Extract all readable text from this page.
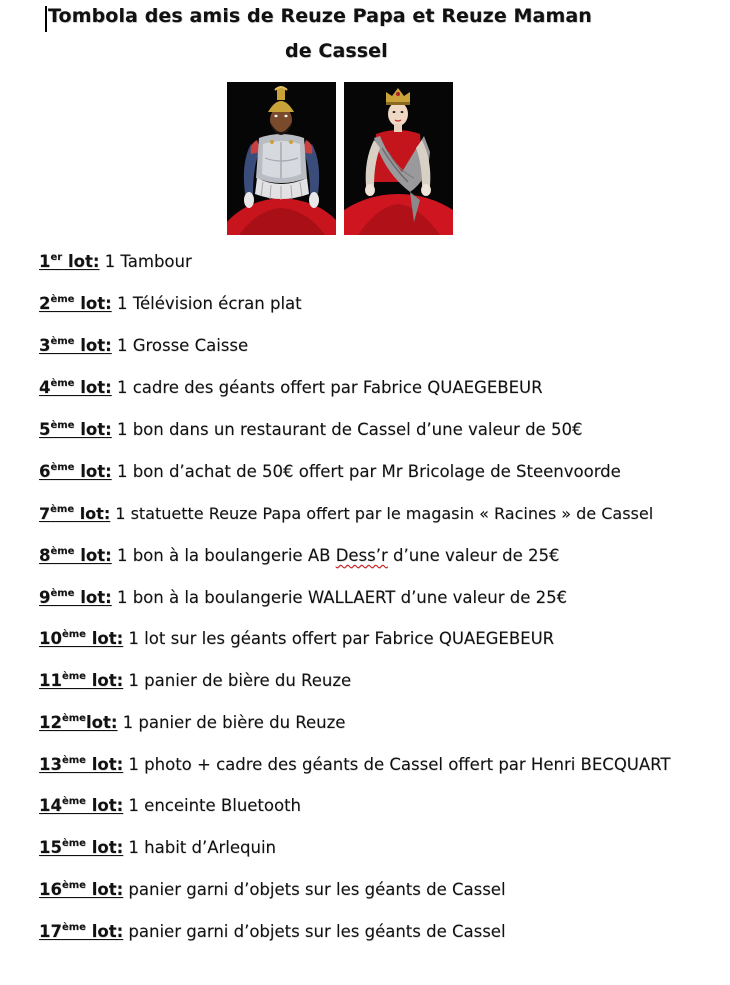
Tombola des amis de Reuze Papa et Reuze Maman
de Cassel
1er lot: 1 Tambour
2ème lot: 1 Télévision écran plat
3ème lot: 1 Grosse Caisse
4ème lot: 1 cadre des géants offert par Fabrice QUAEGEBEUR
5ème lot: 1 bon dans un restaurant de Cassel d’une valeur de 50€
6ème lot: 1 bon d’achat de 50€ offert par Mr Bricolage de Steenvoorde
7ème lot: 1 statuette Reuze Papa offert par le magasin « Racines » de Cassel
8ème lot: 1 bon à la boulangerie AB Dess’r d’une valeur de 25€
9ème lot: 1 bon à la boulangerie WALLAERT d’une valeur de 25€
10ème lot: 1 lot sur les géants offert par Fabrice QUAEGEBEUR
11ème lot: 1 panier de bière du Reuze
12èmelot: 1 panier de bière du Reuze
13ème lot: 1 photo + cadre des géants de Cassel offert par Henri BECQUART
14ème lot: 1 enceinte Bluetooth
15ème lot: 1 habit d’Arlequin
16ème lot: panier garni d’objets sur les géants de Cassel
17ème lot: panier garni d’objets sur les géants de Cassel
